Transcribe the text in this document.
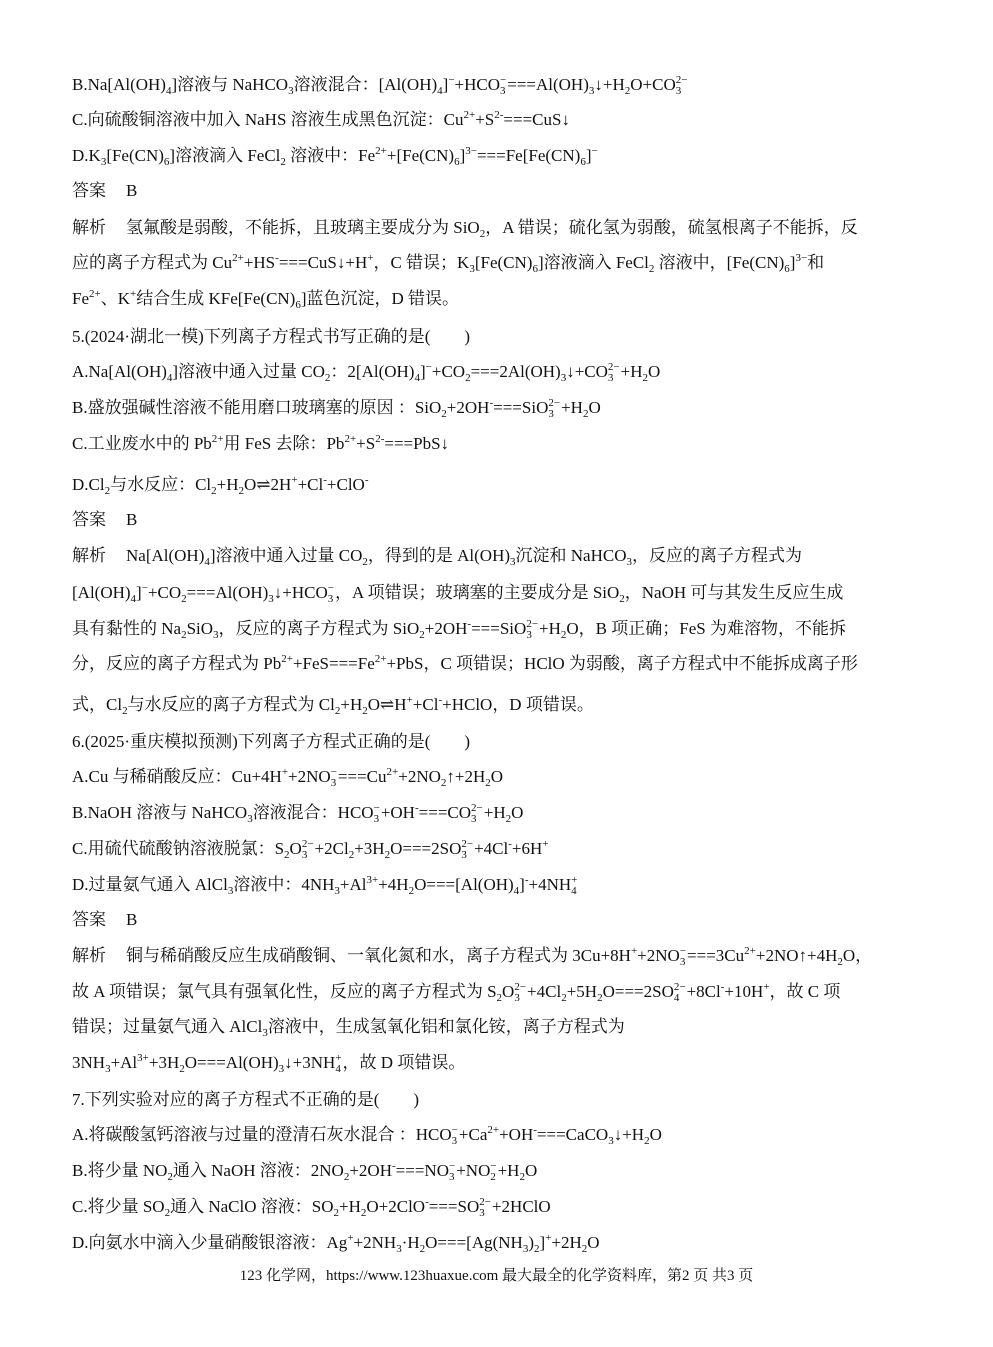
123 化学网，https://www.123huaxue.com 最大最全的化学资料库，第2 页 共3 页
$B.Na[Al(OH)_4]$溶液与 NaHCO$_3$溶液混合：$[Al(OH)_4]^-+HCO$ −
$3 ===Al(OH)_3↓+H_2O+CO$ 2−
3
C.向硫酸铜溶液中加入 NaHS 溶液生成黑色沉淀：$Cu^{2+}+S^{2-}===CuS↓$
$D.K_3[Fe(CN)_6]$溶液滴入 FeCl$_2$ 溶液中：$Fe^{2+}+[Fe(CN)_6]^{3-}===Fe[Fe(CN)_6]^-$
答案 B
解析 氢氟酸是弱酸，不能拆，且玻璃主要成分为 SiO$_2$，A 错误；硫化氢为弱酸，硫氢根离子不能拆，反
应的离子方程式为 $Cu^{2+}+HS^-===CuS↓+H^+$，C 错误；$K_3[Fe(CN)_6]$溶液滴入 FeCl$_2$ 溶液中，$[Fe(CN)_6]^{3-}$和
$Fe^{2+}$、K+结合生成 $KFe[Fe(CN)_6]$蓝色沉淀，D 错误。
5.(2024·湖北一模)下列离子方程式书写正确的是(　　)
$A.Na[Al(OH)_4]$溶液中通入过量 $CO_2$：$2[Al(OH)_4]^-+CO_2===2Al(OH)_3↓+CO$ 2−
$3 +H_2O$
B.盛放强碱性溶液不能用磨口玻璃塞的原因 ：SiO$_2$+2OH-===SiO 2−
$3 +H_2O$
C.工业废水中的 $Pb^{2+}$用 FeS 去除：$Pb^{2+}+S^{2-}===PbS↓$
$D.Cl_2$与水反应：$Cl_2+H_2O\rightleftharpoons 2H^++Cl^-+ClO^-$
答案 B
解析 $Na[Al(OH)_4]$溶液中通入过量 $CO_2$，得到的是 $Al(OH)_3$沉淀和 NaHCO$_3$，反应的离子方程式为
$[Al(OH)_4]^-+CO_2===Al(OH)_3↓+HCO$ −
3 ，A 项错误；玻璃塞的主要成分是 SiO$_2$，NaOH 可与其发生反应生成
具有黏性的 $Na_2SiO_3$，反应的离子方程式为 SiO$_2$+2OH-===SiO 2−
$3 +H_2O$，B 项正确；FeS 为难溶物，不能拆
分，反应的离子方程式为 $Pb^{2+}+FeS===Fe^{2+}+PbS$，C 项错误；HClO 为弱酸，离子方程式中不能拆成离子形
式，$Cl_2$与水反应的离子方程式为 $Cl_2+H_2O\rightleftharpoons H^++Cl^-+HClO$，D 项错误。
6.(2025·重庆模拟预测)下列离子方程式正确的是(　　)
A.Cu 与稀硝酸反应：Cu+4H++2NO −
$3 ===Cu^{2+}+2NO_2↑+2H_2O$
B.NaOH 溶液与 NaHCO$_3$溶液混合：HCO −
3 +OH-===CO 2−
$3 +H_2O$
C.用硫代硫酸钠溶液脱氯：$S_2O$ 2−
$3 +2Cl_2+3H_2O===2SO$ 2−
3 +4Cl-+6H+
D.过量氨气通入 AlCl$_3$溶液中：$4NH_3+Al^{3+}+4H_2O===[Al(OH)_4]^-+4NH$ +
4
答案 B
解析 铜与稀硝酸反应生成硝酸铜、一氧化氮和水，离子方程式为 3Cu+8H++2NO −
$3 ===3Cu^{2+}+2NO↑+4H_2O$，
故 A 项错误；氯气具有强氧化性，反应的离子方程式为 $S_2O$ 2−
$3 +4Cl_2+5H_2O===2SO$ 2−
4 +8Cl-+10H+，故 C 项
错误；过量氨气通入 AlCl$_3$溶液中，生成氢氧化铝和氯化铵，离子方程式为
$3NH_3+Al^{3+}+3H_2O===Al(OH)_3↓+3NH$ +
4 ，故 D 项错误。
7.下列实验对应的离子方程式不正确的是(　　)
A.将碳酸氢钙溶液与过量的澄清石灰水混合 ：HCO −
$3 +Ca^{2+}+OH^-===CaCO_3↓+H_2O$
B.将少量 $NO_2$通入 NaOH 溶液：$2NO_2+2OH^-===NO$ −
3 +NO −
$2 +H_2O$
C.将少量 $SO_2$通入 NaClO 溶液：$SO_2+H_2O+2ClO^-===SO$ 2−
3 +2HClO
D.向氨水中滴入少量硝酸银溶液：$Ag^++2NH_3\cdot H_2O===[Ag(NH_3)_2]^++2H_2O$
